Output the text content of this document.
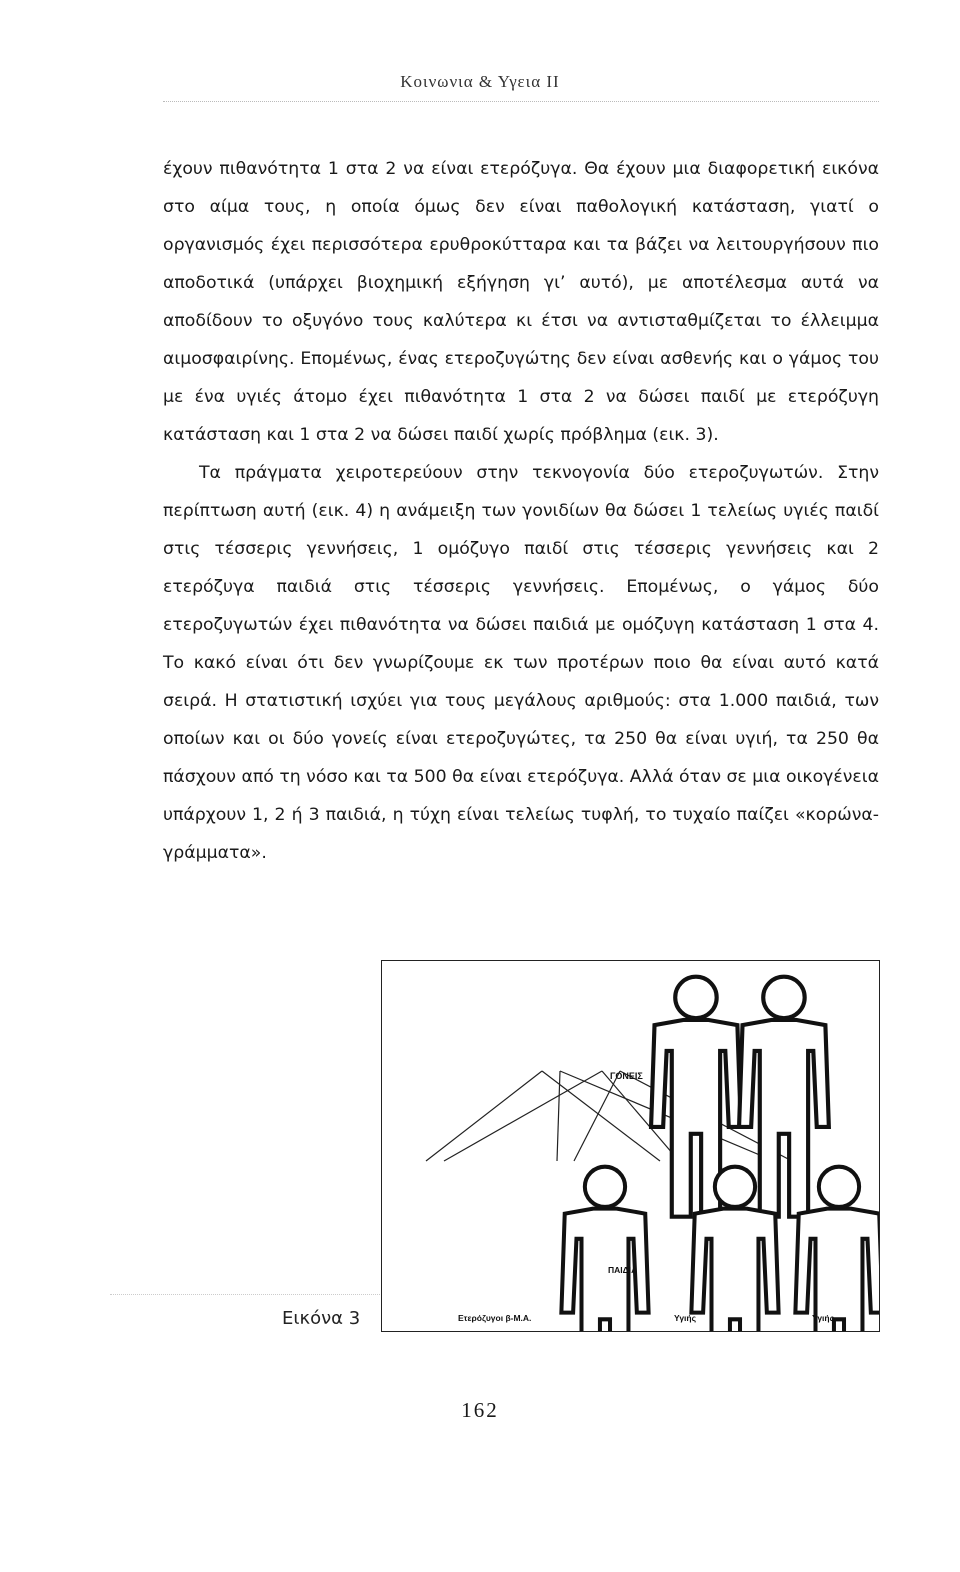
Κοινωνια & Υγεια ΙΙ

έχουν πιθανότητα 1 στα 2 να είναι ετερόζυγα. Θα έχουν μια διαφορετική εικόνα στο αίμα τους, η οποία όμως δεν είναι παθολογική κατάσταση, γιατί ο οργανισμός έχει περισσότερα ερυθροκύτταρα και τα βάζει να λειτουργήσουν πιο αποδοτικά (υπάρχει βιοχημική εξήγηση γι’ αυτό), με αποτέλεσμα αυτά να αποδίδουν το οξυγόνο τους καλύτερα κι έτσι να αντισταθμίζεται το έλλειμμα αιμοσφαιρίνης. Επομένως, ένας ετεροζυγώτης δεν είναι ασθενής και ο γάμος του με ένα υγιές άτομο έχει πιθανότητα 1 στα 2 να δώσει παιδί με ετερόζυγη κατάσταση και 1 στα 2 να δώσει παιδί χωρίς πρόβλημα (εικ. 3).

Τα πράγματα χειροτερεύουν στην τεκνογονία δύο ετεροζυγωτών. Στην περίπτωση αυτή (εικ. 4) η ανάμειξη των γονιδίων θα δώσει 1 τελείως υγιές παιδί στις τέσσερις γεννήσεις, 1 ομόζυγο παιδί στις τέσσερις γεννήσεις και 2 ετερόζυγα παιδιά στις τέσσερις γεννήσεις. Επομένως, ο γάμος δύο ετεροζυγωτών έχει πιθανότητα να δώσει παιδιά με ομόζυγη κατάσταση 1 στα 4. Το κακό είναι ότι δεν γνωρίζουμε εκ των προτέρων ποιο θα είναι αυτό κατά σειρά. Η στατιστική ισχύει για τους μεγάλους αριθμούς: στα 1.000 παιδιά, των οποίων και οι δύο γονείς είναι ετεροζυγώτες, τα 250 θα είναι υγιή, τα 250 θα πάσχουν από τη νόσο και τα 500 θα είναι ετερόζυγα. Αλλά όταν σε μια οικογένεια υπάρχουν 1, 2 ή 3 παιδιά, η τύχη είναι τελείως τυφλή, το τυχαίο παίζει «κορώνα-γράμματα».

ΓΟΝΕΙΣ
ΠΑΙΔΙΑ
Ετερόζυγοι β-Μ.Α.	Υγιής	Υγιής
Εικόνα 3
162
